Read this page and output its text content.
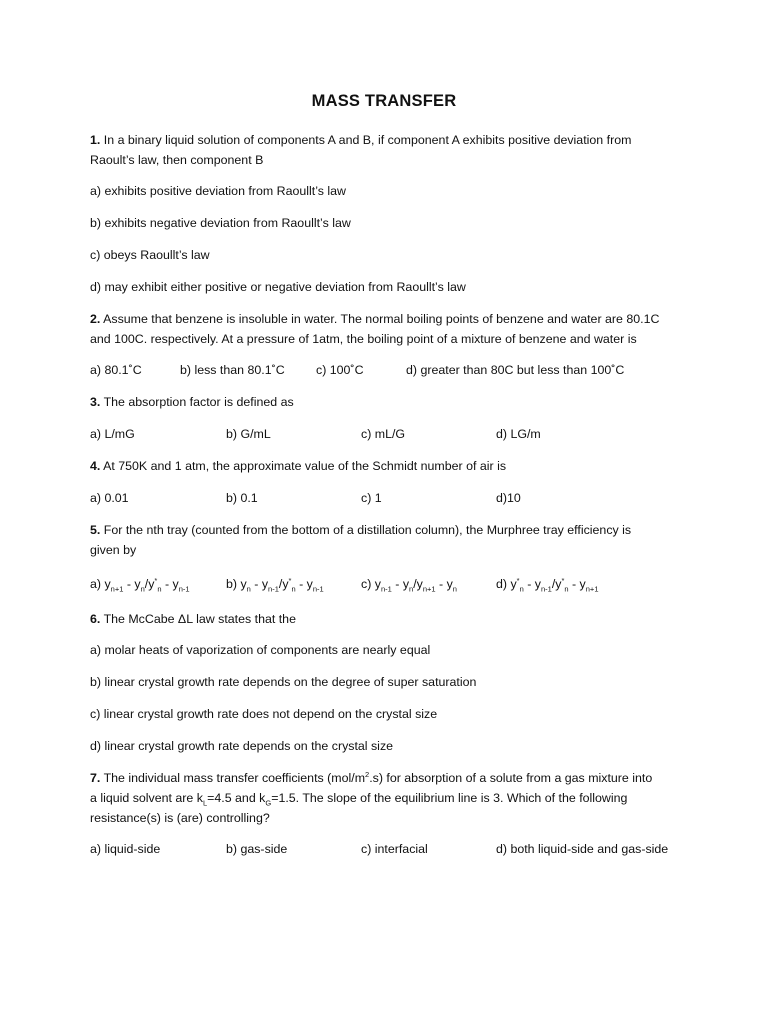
MASS TRANSFER
1. In a binary liquid solution of components A and B, if component A exhibits positive deviation from
Raoult’s law, then component B
a) exhibits positive deviation from Raoullt’s law
b) exhibits negative deviation from Raoullt’s law
c) obeys Raoullt’s law
d) may exhibit either positive or negative deviation from Raoullt’s law
2. Assume that benzene is insoluble in water. The normal boiling points of benzene and water are 80.1C
and 100C. respectively. At a pressure of 1atm, the boiling point of a mixture of benzene and water is
a) 80.1˚C	b) less than 80.1˚C	c) 100˚C	d) greater than 80C but less than 100˚C
3. The absorption factor is defined as
a) L/mG	b) G/mL	c) mL/G	d) LG/m
4. At 750K and 1 atm, the approximate value of the Schmidt number of air is
a) 0.01	b) 0.1	c) 1	d)10
5. For the nth tray (counted from the bottom of a distillation column), the Murphree tray efficiency is
given by
a) $y_{n+1} - y_n/y^*_n - y_{n-1}$	b) $y_n - y_{n-1}/y^*_n - y_{n-1}$	c) $y_{n-1} - y_n/y_{n+1} - y_n$	d) $y^*_n - y_{n-1}/y^*_n - y_{n+1}$
6. The McCabe ΔL law states that the
a) molar heats of vaporization of components are nearly equal
b) linear crystal growth rate depends on the degree of super saturation
c) linear crystal growth rate does not depend on the crystal size
d) linear crystal growth rate depends on the crystal size
7. The individual mass transfer coefficients $(mol/m^2.s)$ for absorption of a solute from a gas mixture into
a liquid solvent are $k_L=4.5$ and $k_G=1.5$. The slope of the equilibrium line is 3. Which of the following
resistance(s) is (are) controlling?
a) liquid-side	b) gas-side	c) interfacial	d) both liquid-side and gas-side
